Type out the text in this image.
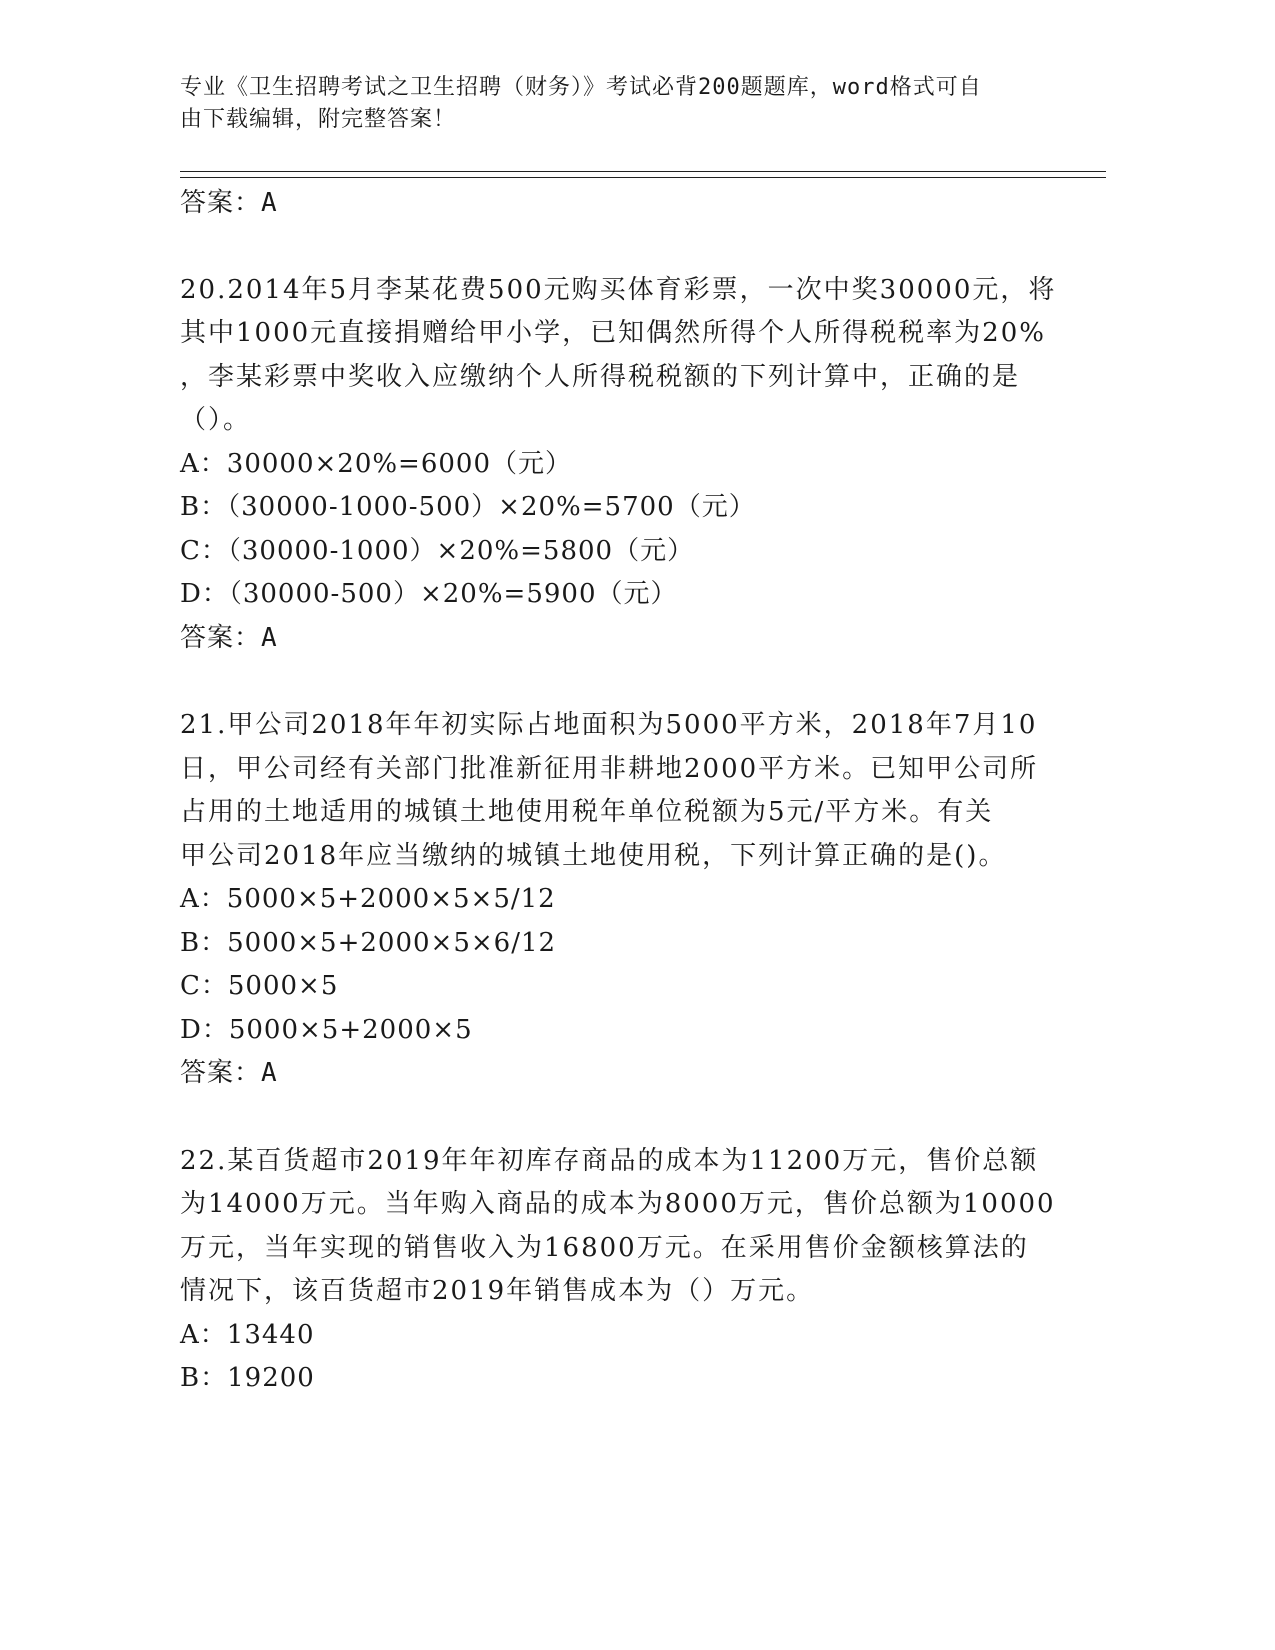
专业《卫生招聘考试之卫生招聘（财务）》考试必背200题题库，word格式可自
由下载编辑，附完整答案！
答案：A
20.2014年5月李某花费500元购买体育彩票，一次中奖30000元，将
其中1000元直接捐赠给甲小学，已知偶然所得个人所得税税率为20%
，李某彩票中奖收入应缴纳个人所得税税额的下列计算中，正确的是
（）。
A：30000×20%=6000（元）
B：（30000-1000-500）×20%=5700（元）
C：（30000-1000）×20%=5800（元）
D：（30000-500）×20%=5900（元）
答案：A
21.甲公司2018年年初实际占地面积为5000平方米，2018年7月10
日，甲公司经有关部门批准新征用非耕地2000平方米。已知甲公司所
占用的土地适用的城镇土地使用税年单位税额为5元/平方米。有关
甲公司2018年应当缴纳的城镇土地使用税，下列计算正确的是()。
A：5000×5+2000×5×5/12
B：5000×5+2000×5×6/12
C：5000×5
D：5000×5+2000×5
答案：A
22.某百货超市2019年年初库存商品的成本为11200万元，售价总额
为14000万元。当年购入商品的成本为8000万元，售价总额为10000
万元，当年实现的销售收入为16800万元。在采用售价金额核算法的
情况下，该百货超市2019年销售成本为（）万元。
A：13440
B：19200
